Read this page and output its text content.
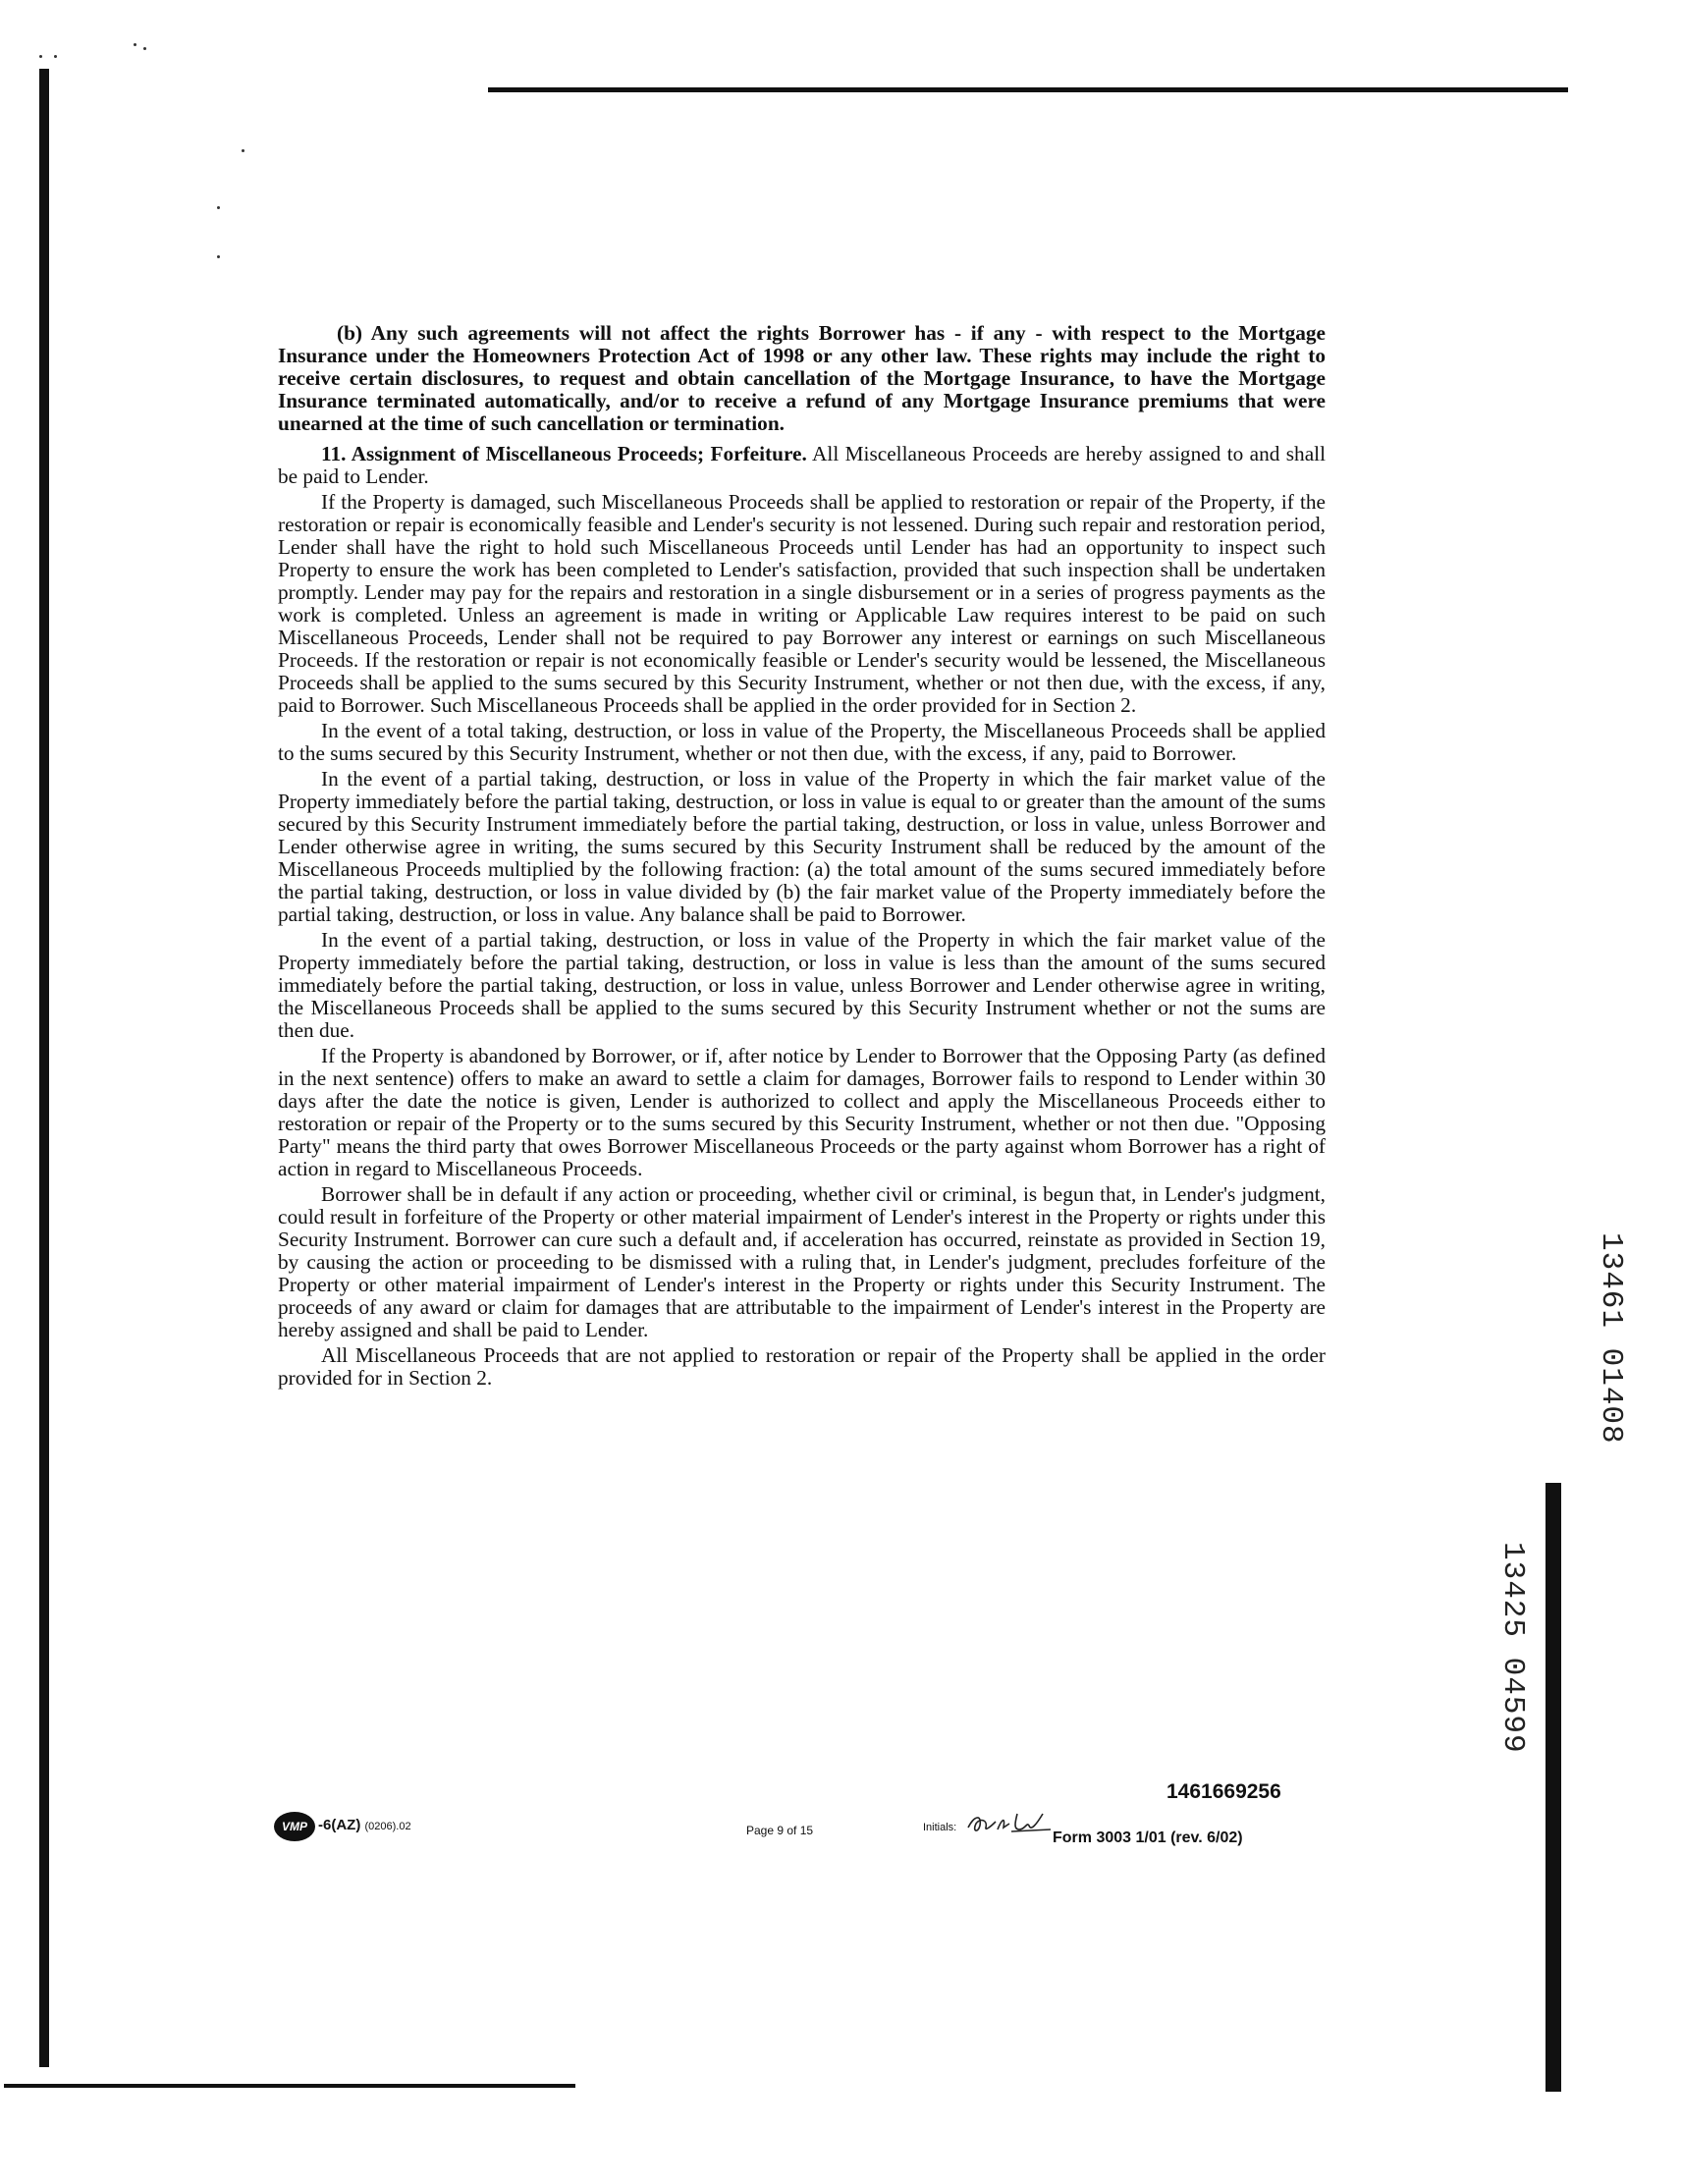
(b) Any such agreements will not affect the rights Borrower has - if any - with respect to the Mortgage Insurance under the Homeowners Protection Act of 1998 or any other law. These rights may include the right to receive certain disclosures, to request and obtain cancellation of the Mortgage Insurance, to have the Mortgage Insurance terminated automatically, and/or to receive a refund of any Mortgage Insurance premiums that were unearned at the time of such cancellation or termination.

11. Assignment of Miscellaneous Proceeds; Forfeiture. All Miscellaneous Proceeds are hereby assigned to and shall be paid to Lender.

If the Property is damaged, such Miscellaneous Proceeds shall be applied to restoration or repair of the Property, if the restoration or repair is economically feasible and Lender's security is not lessened. During such repair and restoration period, Lender shall have the right to hold such Miscellaneous Proceeds until Lender has had an opportunity to inspect such Property to ensure the work has been completed to Lender's satisfaction, provided that such inspection shall be undertaken promptly. Lender may pay for the repairs and restoration in a single disbursement or in a series of progress payments as the work is completed. Unless an agreement is made in writing or Applicable Law requires interest to be paid on such Miscellaneous Proceeds, Lender shall not be required to pay Borrower any interest or earnings on such Miscellaneous Proceeds. If the restoration or repair is not economically feasible or Lender's security would be lessened, the Miscellaneous Proceeds shall be applied to the sums secured by this Security Instrument, whether or not then due, with the excess, if any, paid to Borrower. Such Miscellaneous Proceeds shall be applied in the order provided for in Section 2.

In the event of a total taking, destruction, or loss in value of the Property, the Miscellaneous Proceeds shall be applied to the sums secured by this Security Instrument, whether or not then due, with the excess, if any, paid to Borrower.

In the event of a partial taking, destruction, or loss in value of the Property in which the fair market value of the Property immediately before the partial taking, destruction, or loss in value is equal to or greater than the amount of the sums secured by this Security Instrument immediately before the partial taking, destruction, or loss in value, unless Borrower and Lender otherwise agree in writing, the sums secured by this Security Instrument shall be reduced by the amount of the Miscellaneous Proceeds multiplied by the following fraction: (a) the total amount of the sums secured immediately before the partial taking, destruction, or loss in value divided by (b) the fair market value of the Property immediately before the partial taking, destruction, or loss in value. Any balance shall be paid to Borrower.

In the event of a partial taking, destruction, or loss in value of the Property in which the fair market value of the Property immediately before the partial taking, destruction, or loss in value is less than the amount of the sums secured immediately before the partial taking, destruction, or loss in value, unless Borrower and Lender otherwise agree in writing, the Miscellaneous Proceeds shall be applied to the sums secured by this Security Instrument whether or not the sums are then due.

If the Property is abandoned by Borrower, or if, after notice by Lender to Borrower that the Opposing Party (as defined in the next sentence) offers to make an award to settle a claim for damages, Borrower fails to respond to Lender within 30 days after the date the notice is given, Lender is authorized to collect and apply the Miscellaneous Proceeds either to restoration or repair of the Property or to the sums secured by this Security Instrument, whether or not then due. "Opposing Party" means the third party that owes Borrower Miscellaneous Proceeds or the party against whom Borrower has a right of action in regard to Miscellaneous Proceeds.

Borrower shall be in default if any action or proceeding, whether civil or criminal, is begun that, in Lender's judgment, could result in forfeiture of the Property or other material impairment of Lender's interest in the Property or rights under this Security Instrument. Borrower can cure such a default and, if acceleration has occurred, reinstate as provided in Section 19, by causing the action or proceeding to be dismissed with a ruling that, in Lender's judgment, precludes forfeiture of the Property or other material impairment of Lender's interest in the Property or rights under this Security Instrument. The proceeds of any award or claim for damages that are attributable to the impairment of Lender's interest in the Property are hereby assigned and shall be paid to Lender.

All Miscellaneous Proceeds that are not applied to restoration or repair of the Property shall be applied in the order provided for in Section 2.	13461 01408
13425 04599
1461669256
VMP -6(AZ) (0206).02	Page 9 of 15	Initials:
Form 3003 1/01 (rev. 6/02)
